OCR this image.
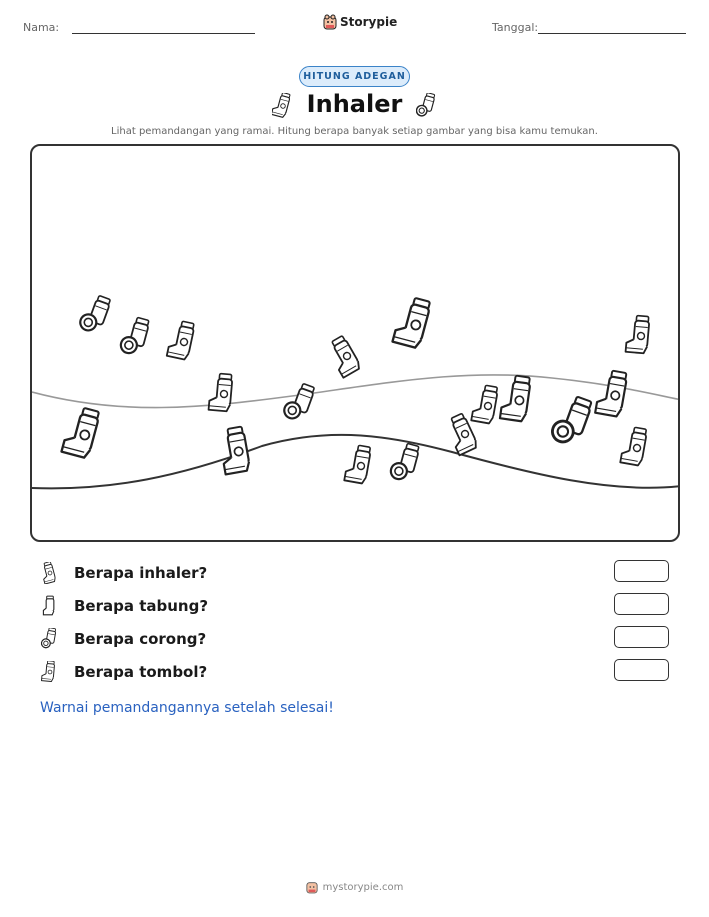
Nama:	Storypie	Tanggal:
HITUNG ADEGAN
Inhaler
Lihat pemandangan yang ramai. Hitung berapa banyak setiap gambar yang bisa kamu temukan.
Berapa inhaler?
Berapa tabung?
Berapa corong?
Berapa tombol?
Warnai pemandangannya setelah selesai!
mystorypie.com
